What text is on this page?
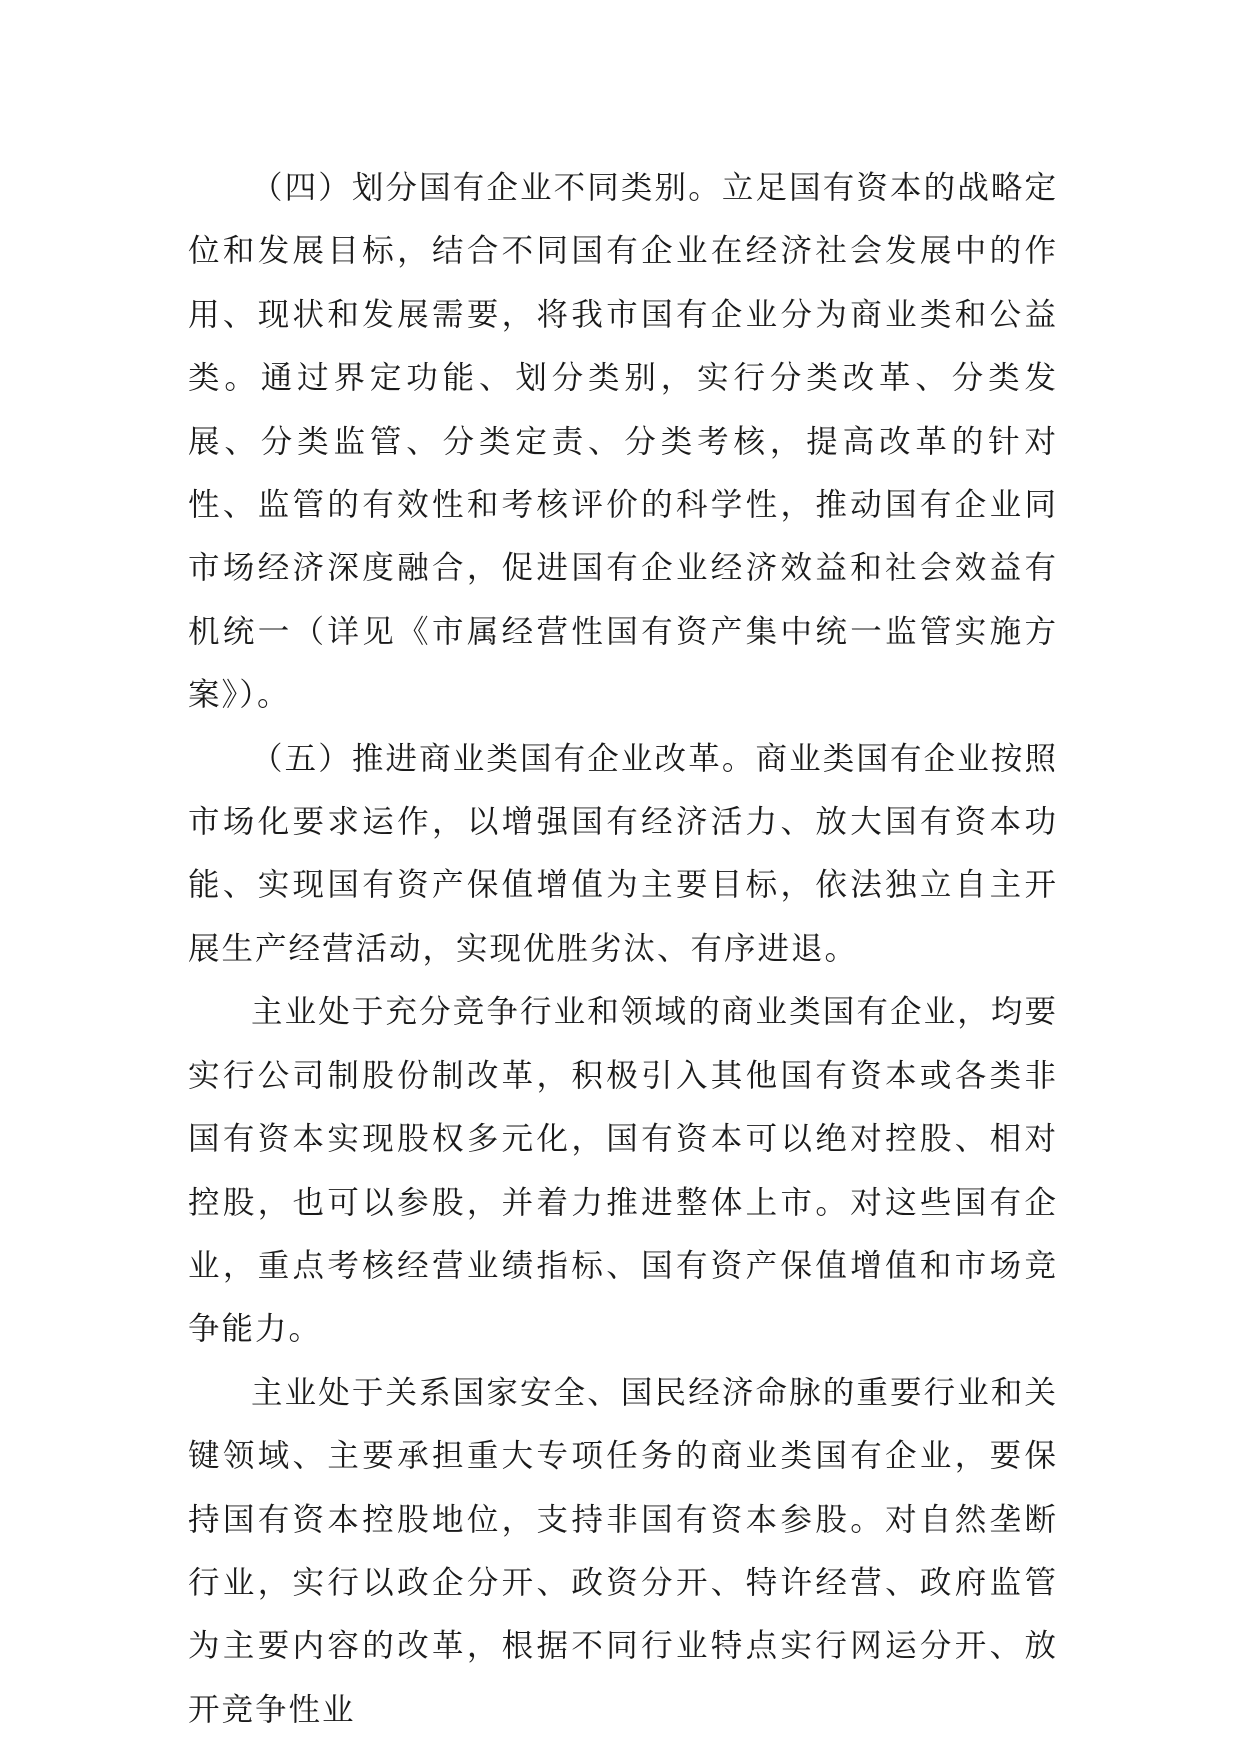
（四）划分国有企业不同类别。立足国有资本的战略定位和发展目标，结合不同国有企业在经济社会发展中的作用、现状和发展需要，将我市国有企业分为商业类和公益类。通过界定功能、划分类别，实行分类改革、分类发展、分类监管、分类定责、分类考核，提高改革的针对性、监管的有效性和考核评价的科学性，推动国有企业同市场经济深度融合，促进国有企业经济效益和社会效益有机统一（详见《市属经营性国有资产集中统一监管实施方案》）。

（五）推进商业类国有企业改革。商业类国有企业按照市场化要求运作，以增强国有经济活力、放大国有资本功能、实现国有资产保值增值为主要目标，依法独立自主开展生产经营活动，实现优胜劣汰、有序进退。

主业处于充分竞争行业和领域的商业类国有企业，均要实行公司制股份制改革，积极引入其他国有资本或各类非国有资本实现股权多元化，国有资本可以绝对控股、相对控股，也可以参股，并着力推进整体上市。对这些国有企业，重点考核经营业绩指标、国有资产保值增值和市场竞争能力。

主业处于关系国家安全、国民经济命脉的重要行业和关键领域、主要承担重大专项任务的商业类国有企业，要保持国有资本控股地位，支持非国有资本参股。对自然垄断行业，实行以政企分开、政资分开、特许经营、政府监管为主要内容的改革，根据不同行业特点实行网运分开、放开竞争性业
